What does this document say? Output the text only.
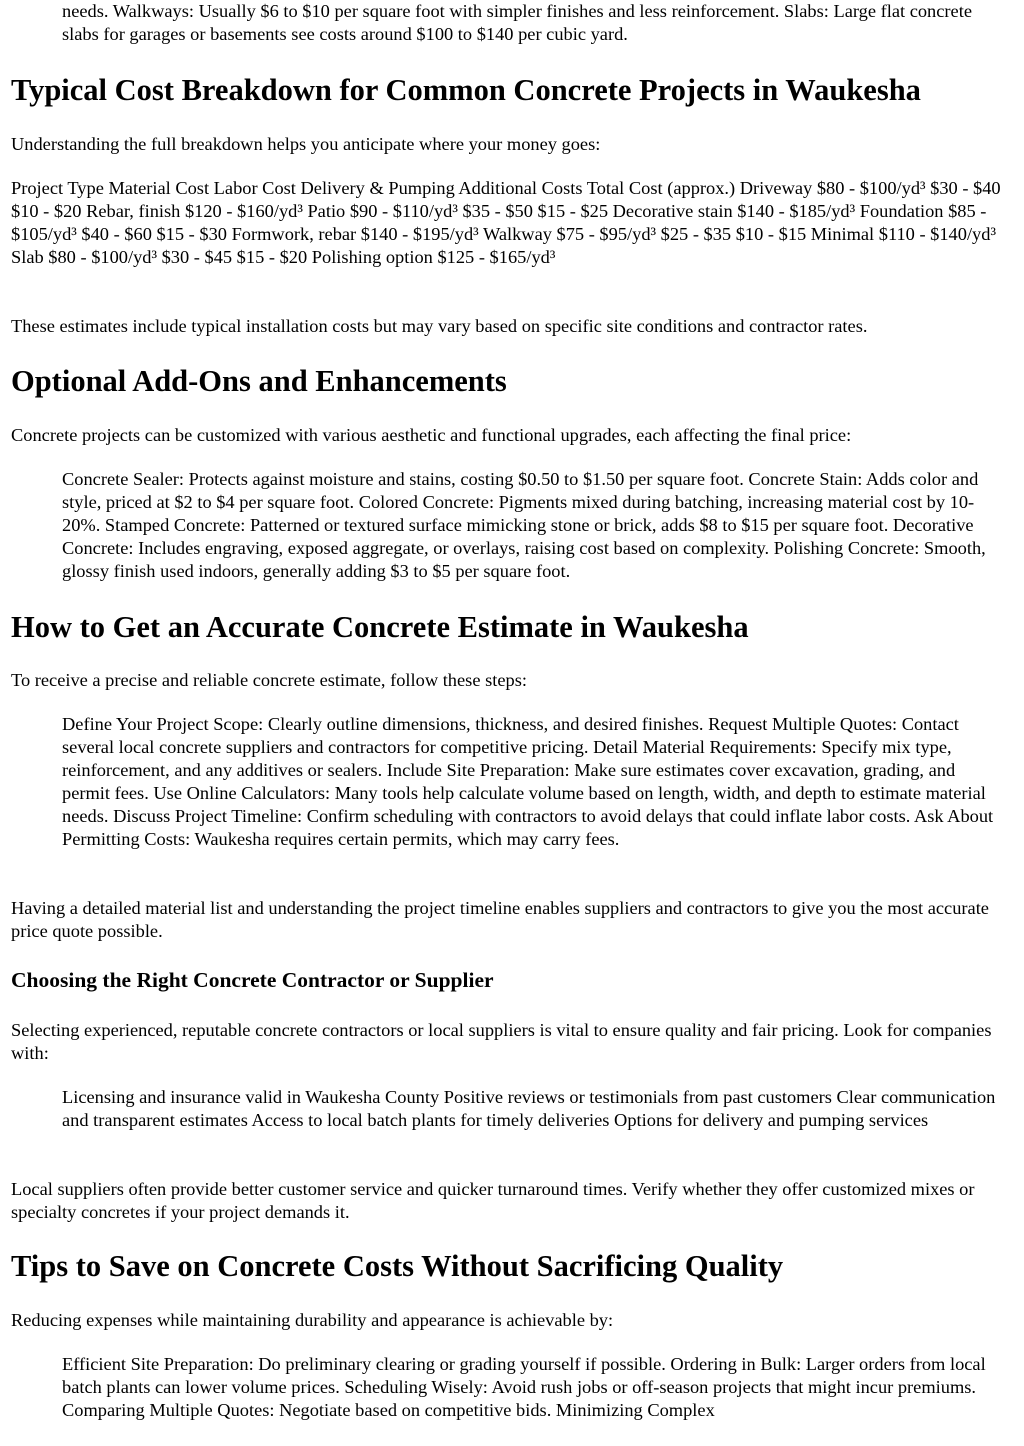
needs. Walkways: Usually $6 to $10 per square foot with simpler finishes and less reinforcement. Slabs: Large flat concrete slabs for garages or basements see costs around $100 to $140 per cubic yard.

Typical Cost Breakdown for Common Concrete Projects in Waukesha

Understanding the full breakdown helps you anticipate where your money goes:

Project Type Material Cost Labor Cost Delivery & Pumping Additional Costs Total Cost (approx.) Driveway $80 - $100/yd³ $30 - $40 $10 - $20 Rebar, finish $120 - $160/yd³ Patio $90 - $110/yd³ $35 - $50 $15 - $25 Decorative stain $140 - $185/yd³ Foundation $85 - $105/yd³ $40 - $60 $15 - $30 Formwork, rebar $140 - $195/yd³ Walkway $75 - $95/yd³ $25 - $35 $10 - $15 Minimal $110 - $140/yd³ Slab $80 - $100/yd³ $30 - $45 $15 - $20 Polishing option $125 - $165/yd³

These estimates include typical installation costs but may vary based on specific site conditions and contractor rates.

Optional Add-Ons and Enhancements

Concrete projects can be customized with various aesthetic and functional upgrades, each affecting the final price:

Concrete Sealer: Protects against moisture and stains, costing $0.50 to $1.50 per square foot. Concrete Stain: Adds color and style, priced at $2 to $4 per square foot. Colored Concrete: Pigments mixed during batching, increasing material cost by 10-20%. Stamped Concrete: Patterned or textured surface mimicking stone or brick, adds $8 to $15 per square foot. Decorative Concrete: Includes engraving, exposed aggregate, or overlays, raising cost based on complexity. Polishing Concrete: Smooth, glossy finish used indoors, generally adding $3 to $5 per square foot.

How to Get an Accurate Concrete Estimate in Waukesha

To receive a precise and reliable concrete estimate, follow these steps:

Define Your Project Scope: Clearly outline dimensions, thickness, and desired finishes. Request Multiple Quotes: Contact several local concrete suppliers and contractors for competitive pricing. Detail Material Requirements: Specify mix type, reinforcement, and any additives or sealers. Include Site Preparation: Make sure estimates cover excavation, grading, and permit fees. Use Online Calculators: Many tools help calculate volume based on length, width, and depth to estimate material needs. Discuss Project Timeline: Confirm scheduling with contractors to avoid delays that could inflate labor costs. Ask About Permitting Costs: Waukesha requires certain permits, which may carry fees.

Having a detailed material list and understanding the project timeline enables suppliers and contractors to give you the most accurate price quote possible.

Choosing the Right Concrete Contractor or Supplier

Selecting experienced, reputable concrete contractors or local suppliers is vital to ensure quality and fair pricing. Look for companies with:

Licensing and insurance valid in Waukesha County Positive reviews or testimonials from past customers Clear communication and transparent estimates Access to local batch plants for timely deliveries Options for delivery and pumping services

Local suppliers often provide better customer service and quicker turnaround times. Verify whether they offer customized mixes or specialty concretes if your project demands it.

Tips to Save on Concrete Costs Without Sacrificing Quality

Reducing expenses while maintaining durability and appearance is achievable by:

Efficient Site Preparation: Do preliminary clearing or grading yourself if possible. Ordering in Bulk: Larger orders from local batch plants can lower volume prices. Scheduling Wisely: Avoid rush jobs or off-season projects that might incur premiums. Comparing Multiple Quotes: Negotiate based on competitive bids. Minimizing Complex
